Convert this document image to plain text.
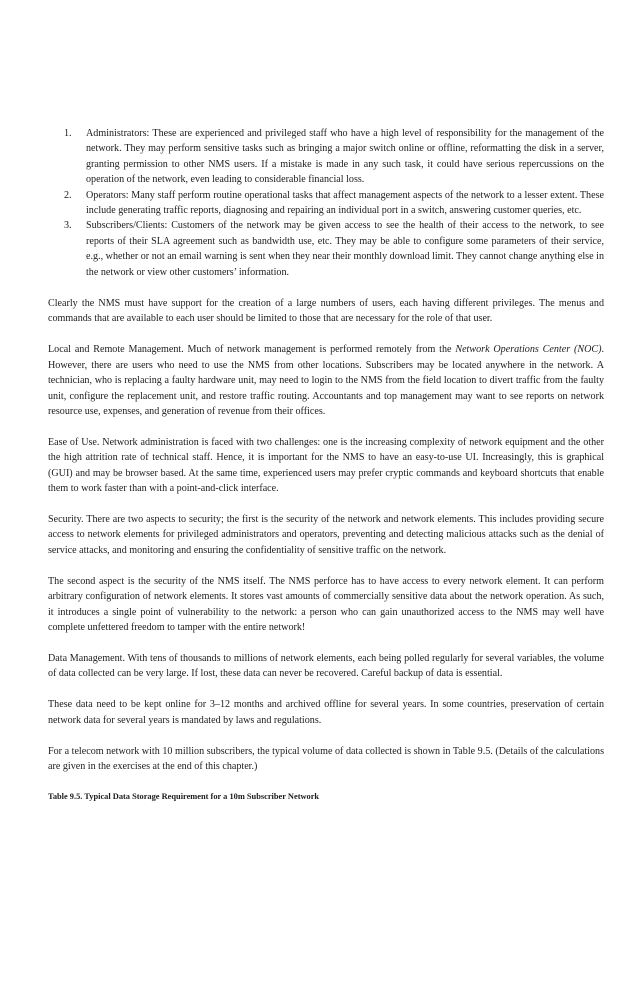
1. Administrators: These are experienced and privileged staff who have a high level of responsibility for the management of the network. They may perform sensitive tasks such as bringing a major switch online or offline, reformatting the disk in a server, granting permission to other NMS users. If a mistake is made in any such task, it could have serious repercussions on the operation of the network, even leading to considerable financial loss.
2. Operators: Many staff perform routine operational tasks that affect management aspects of the network to a lesser extent. These include generating traffic reports, diagnosing and repairing an individual port in a switch, answering customer queries, etc.
3. Subscribers/Clients: Customers of the network may be given access to see the health of their access to the network, to see reports of their SLA agreement such as bandwidth use, etc. They may be able to configure some parameters of their service, e.g., whether or not an email warning is sent when they near their monthly download limit. They cannot change anything else in the network or view other customers’ information.

Clearly the NMS must have support for the creation of a large numbers of users, each having different privileges. The menus and commands that are available to each user should be limited to those that are necessary for the role of that user.

Local and Remote Management. Much of network management is performed remotely from the Network Operations Center (NOC). However, there are users who need to use the NMS from other locations. Subscribers may be located anywhere in the network. A technician, who is replacing a faulty hardware unit, may need to login to the NMS from the field location to divert traffic from the faulty unit, configure the replacement unit, and restore traffic routing. Accountants and top management may want to see reports on network resource use, expenses, and generation of revenue from their offices.

Ease of Use. Network administration is faced with two challenges: one is the increasing complexity of network equipment and the other the high attrition rate of technical staff. Hence, it is important for the NMS to have an easy-to-use UI. Increasingly, this is graphical (GUI) and may be browser based. At the same time, experienced users may prefer cryptic commands and keyboard shortcuts that enable them to work faster than with a point-and-click interface.

Security. There are two aspects to security; the first is the security of the network and network elements. This includes providing secure access to network elements for privileged administrators and operators, preventing and detecting malicious attacks such as the denial of service attacks, and monitoring and ensuring the confidentiality of sensitive traffic on the network.

The second aspect is the security of the NMS itself. The NMS perforce has to have access to every network element. It can perform arbitrary configuration of network elements. It stores vast amounts of commercially sensitive data about the network operation. As such, it introduces a single point of vulnerability to the network: a person who can gain unauthorized access to the NMS may well have complete unfettered freedom to tamper with the entire network!

Data Management. With tens of thousands to millions of network elements, each being polled regularly for several variables, the volume of data collected can be very large. If lost, these data can never be recovered. Careful backup of data is essential.

These data need to be kept online for 3–12 months and archived offline for several years. In some countries, preservation of certain network data for several years is mandated by laws and regulations.

For a telecom network with 10 million subscribers, the typical volume of data collected is shown in Table 9.5. (Details of the calculations are given in the exercises at the end of this chapter.)

Table 9.5. Typical Data Storage Requirement for a 10m Subscriber Network
